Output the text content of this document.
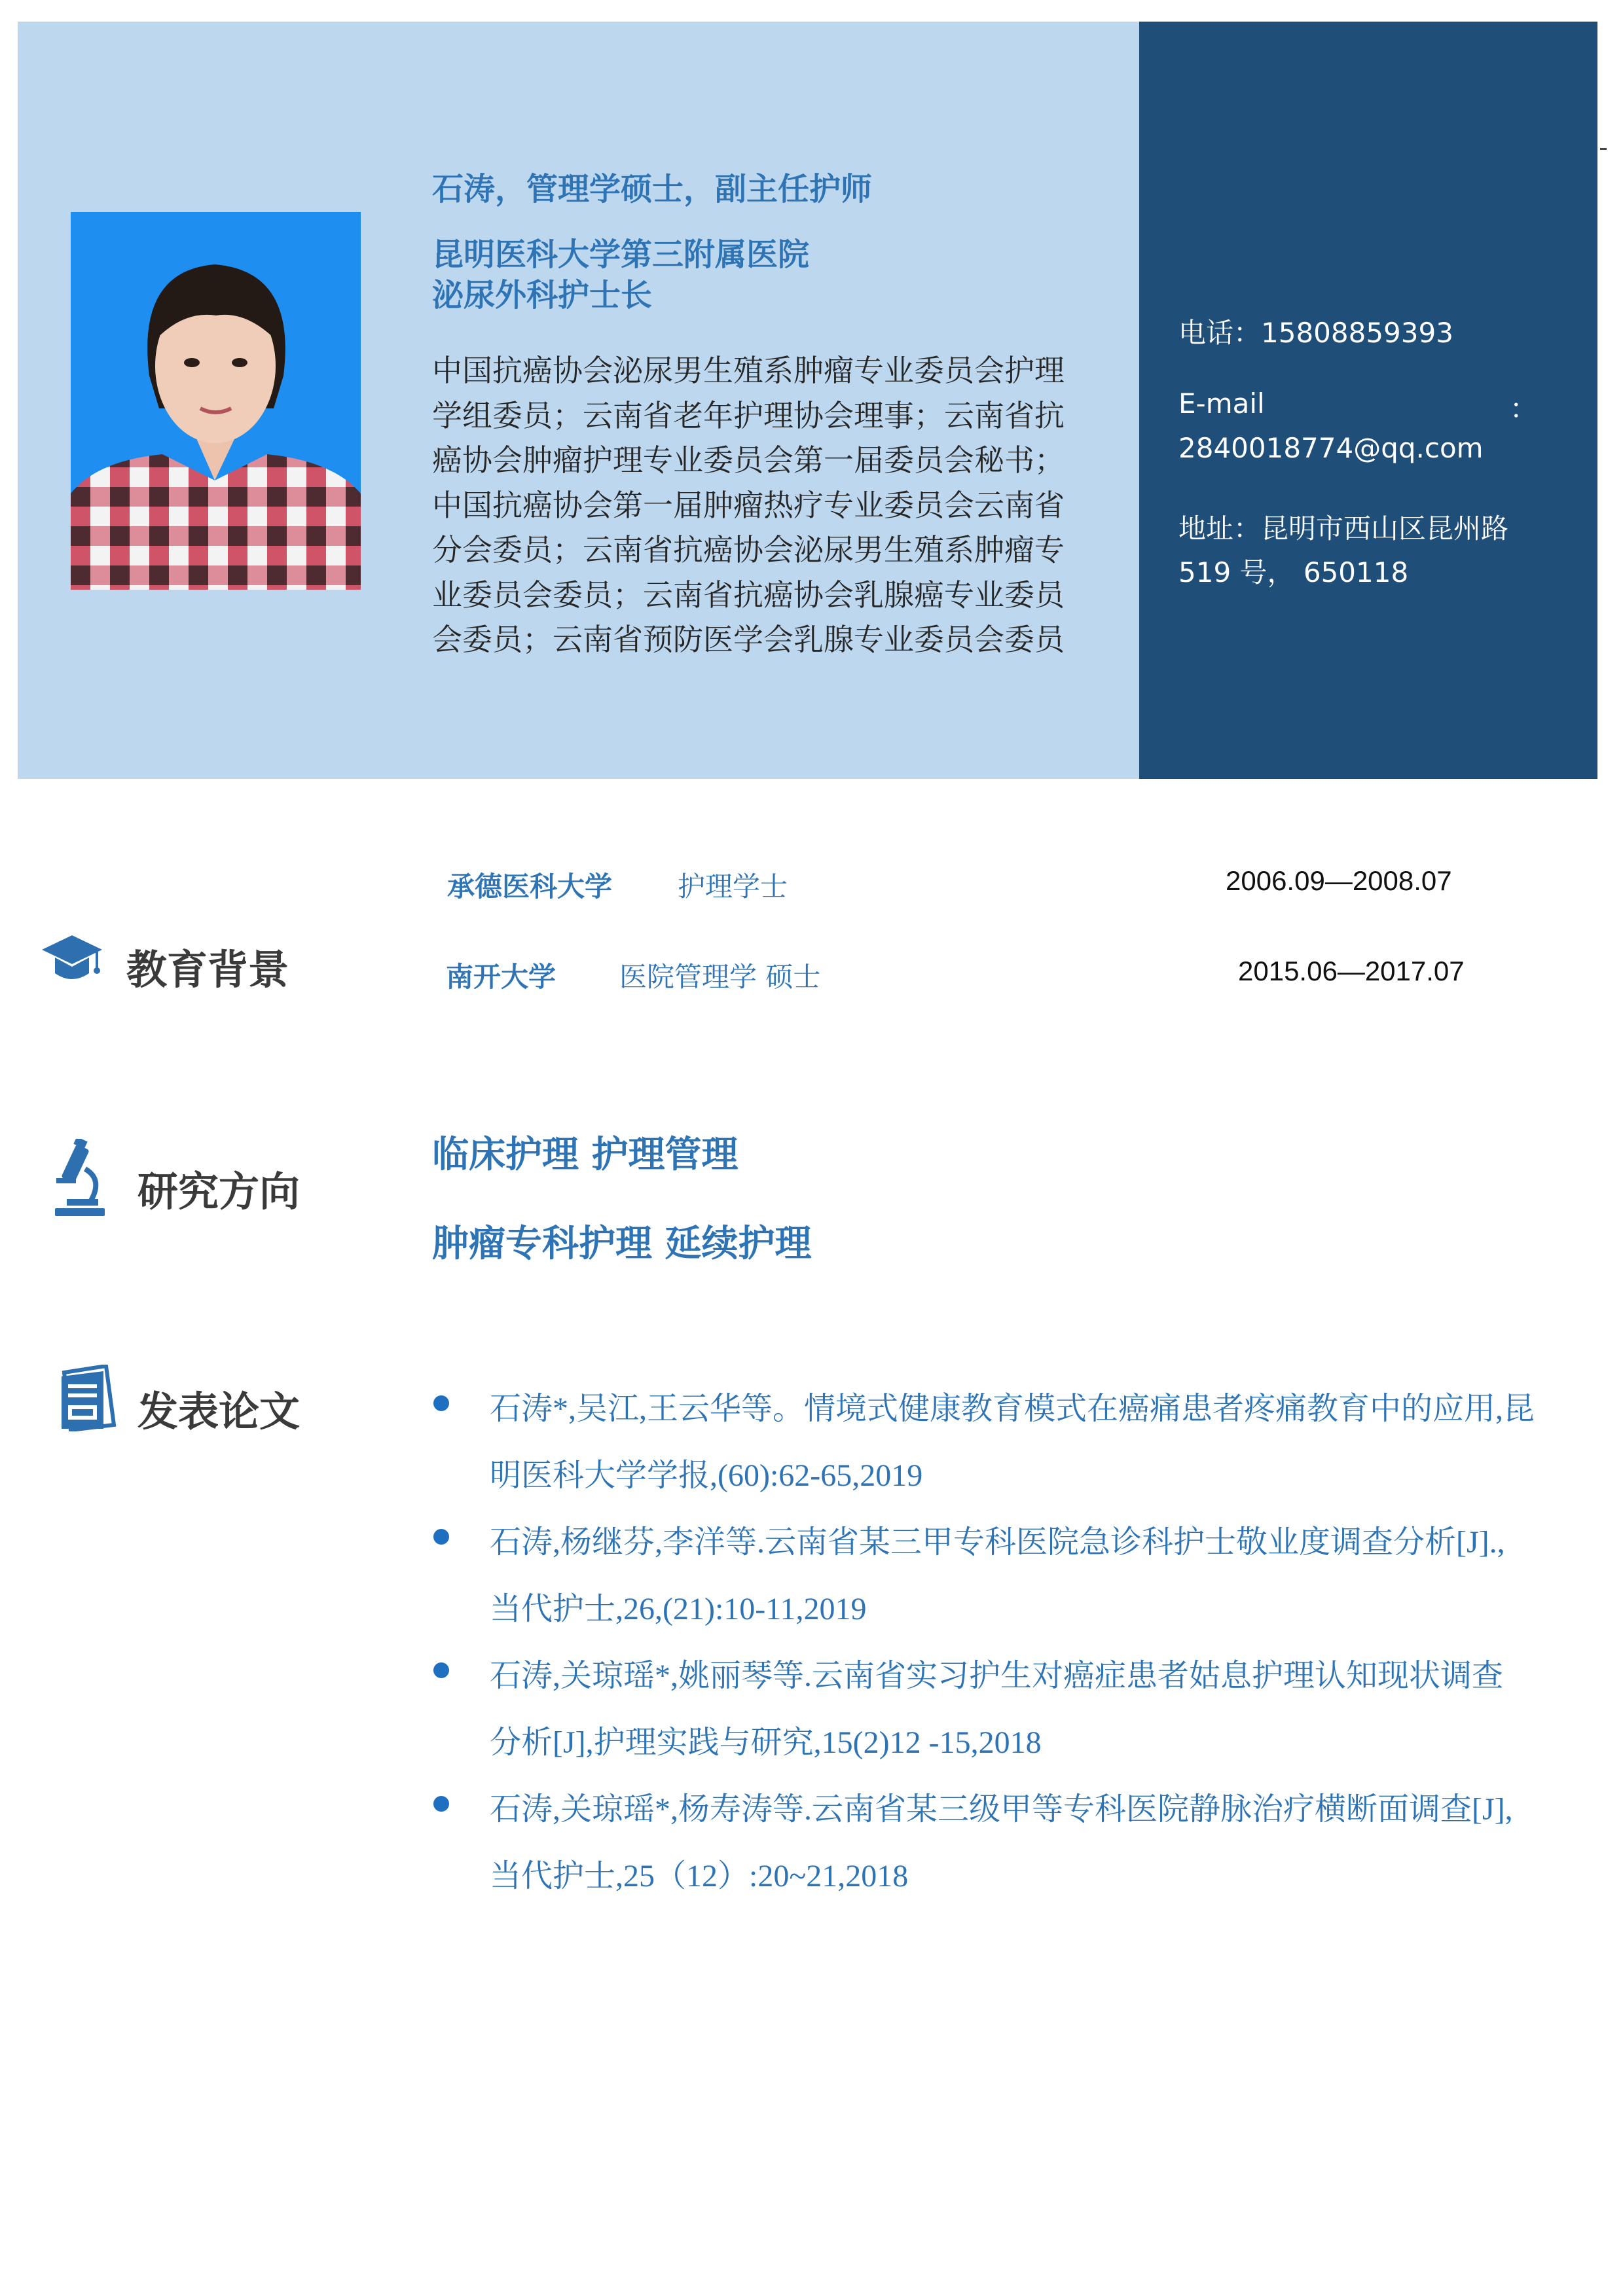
石涛，管理学硕士，副主任护师
昆明医科大学第三附属医院
泌尿外科护士长
中国抗癌协会泌尿男生殖系肿瘤专业委员会护理
学组委员；云南省老年护理协会理事；云南省抗
癌协会肿瘤护理专业委员会第一届委员会秘书；
中国抗癌协会第一届肿瘤热疗专业委员会云南省
分会委员；云南省抗癌协会泌尿男生殖系肿瘤专
业委员会委员；云南省抗癌协会乳腺癌专业委员
会委员；云南省预防医学会乳腺专业委员会委员
电话：15808859393
E-mail	：
2840018774@qq.com
地址：昆明市西山区昆州路
519 号， 650118
教育背景
承德医科大学 护理学士	2006.09—2008.07
南开大学 医院管理学 硕士	2015.06—2017.07
研究方向
临床护理 护理管理
肿瘤专科护理 延续护理
发表论文	石涛*,吴江,王云华等。情境式健康教育模式在癌痛患者疼痛教育中的应用,昆
明医科大学学报,(60):62-65,2019
石涛,杨继芬,李洋等.云南省某三甲专科医院急诊科护士敬业度调查分析[J].,
当代护士,26,(21):10-11,2019
石涛,关琼瑶*,姚丽琴等.云南省实习护生对癌症患者姑息护理认知现状调查
分析[J],护理实践与研究,15(2)12 -15,2018
石涛,关琼瑶*,杨寿涛等.云南省某三级甲等专科医院静脉治疗横断面调查[J],
当代护士,25（12）:20~21,2018
